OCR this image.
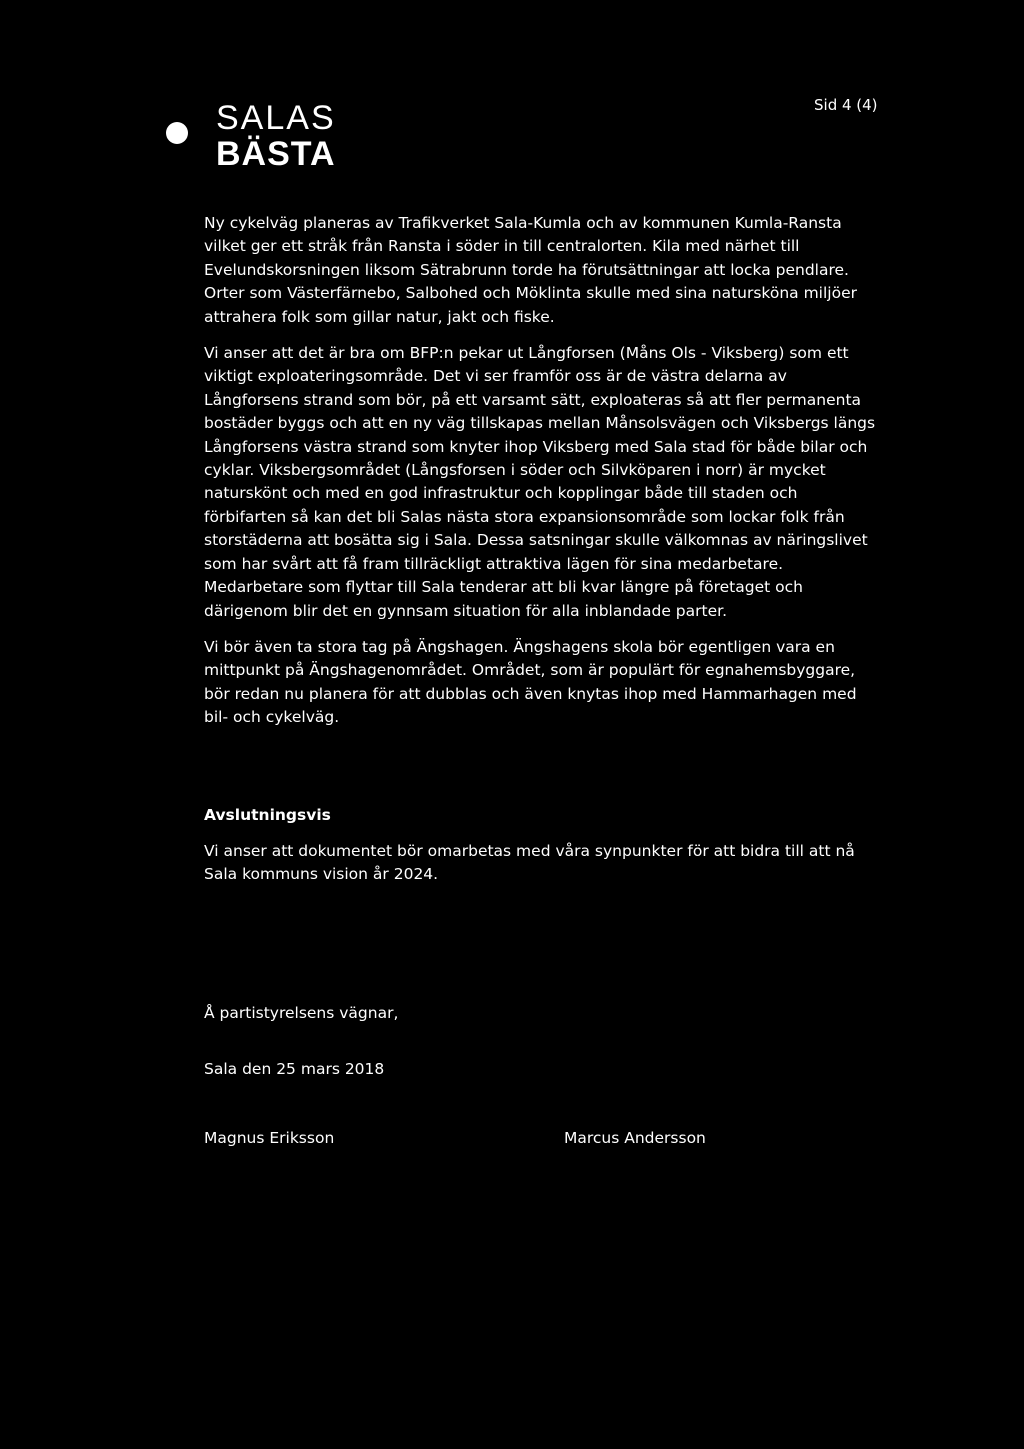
SALAS
BÄSTA
Sid 4 (4)

Ny cykelväg planeras av Trafikverket Sala-Kumla och av kommunen Kumla-Ransta vilket ger ett stråk från Ransta i söder in till centralorten. Kila med närhet till Evelundskorsningen liksom Sätrabrunn torde ha förutsättningar att locka pendlare. Orter som Västerfärnebo, Salbohed och Möklinta skulle med sina natursköna miljöer attrahera folk som gillar natur, jakt och fiske.

Vi anser att det är bra om BFP:n pekar ut Långforsen (Måns Ols - Viksberg) som ett viktigt exploateringsområde. Det vi ser framför oss är de västra delarna av Långforsens strand som bör, på ett varsamt sätt, exploateras så att fler permanenta bostäder byggs och att en ny väg tillskapas mellan Månsolsvägen och Viksbergs längs Långforsens västra strand som knyter ihop Viksberg med Sala stad för både bilar och cyklar. Viksbergsområdet (Långsforsen i söder och Silvköparen i norr) är mycket naturskönt och med en god infrastruktur och kopplingar både till staden och förbifarten så kan det bli Salas nästa stora expansionsområde som lockar folk från storstäderna att bosätta sig i Sala. Dessa satsningar skulle välkomnas av näringslivet som har svårt att få fram tillräckligt attraktiva lägen för sina medarbetare. Medarbetare som flyttar till Sala tenderar att bli kvar längre på företaget och därigenom blir det en gynnsam situation för alla inblandade parter.

Vi bör även ta stora tag på Ängshagen. Ängshagens skola bör egentligen vara en mittpunkt på Ängshagenområdet. Området, som är populärt för egnahemsbyggare, bör redan nu planera för att dubblas och även knytas ihop med Hammarhagen med bil- och cykelväg.

Avslutningsvis

Vi anser att dokumentet bör omarbetas med våra synpunkter för att bidra till att nå Sala kommuns vision år 2024.

Å partistyrelsens vägnar,
Sala den 25 mars 2018
Magnus Eriksson	Marcus Andersson
